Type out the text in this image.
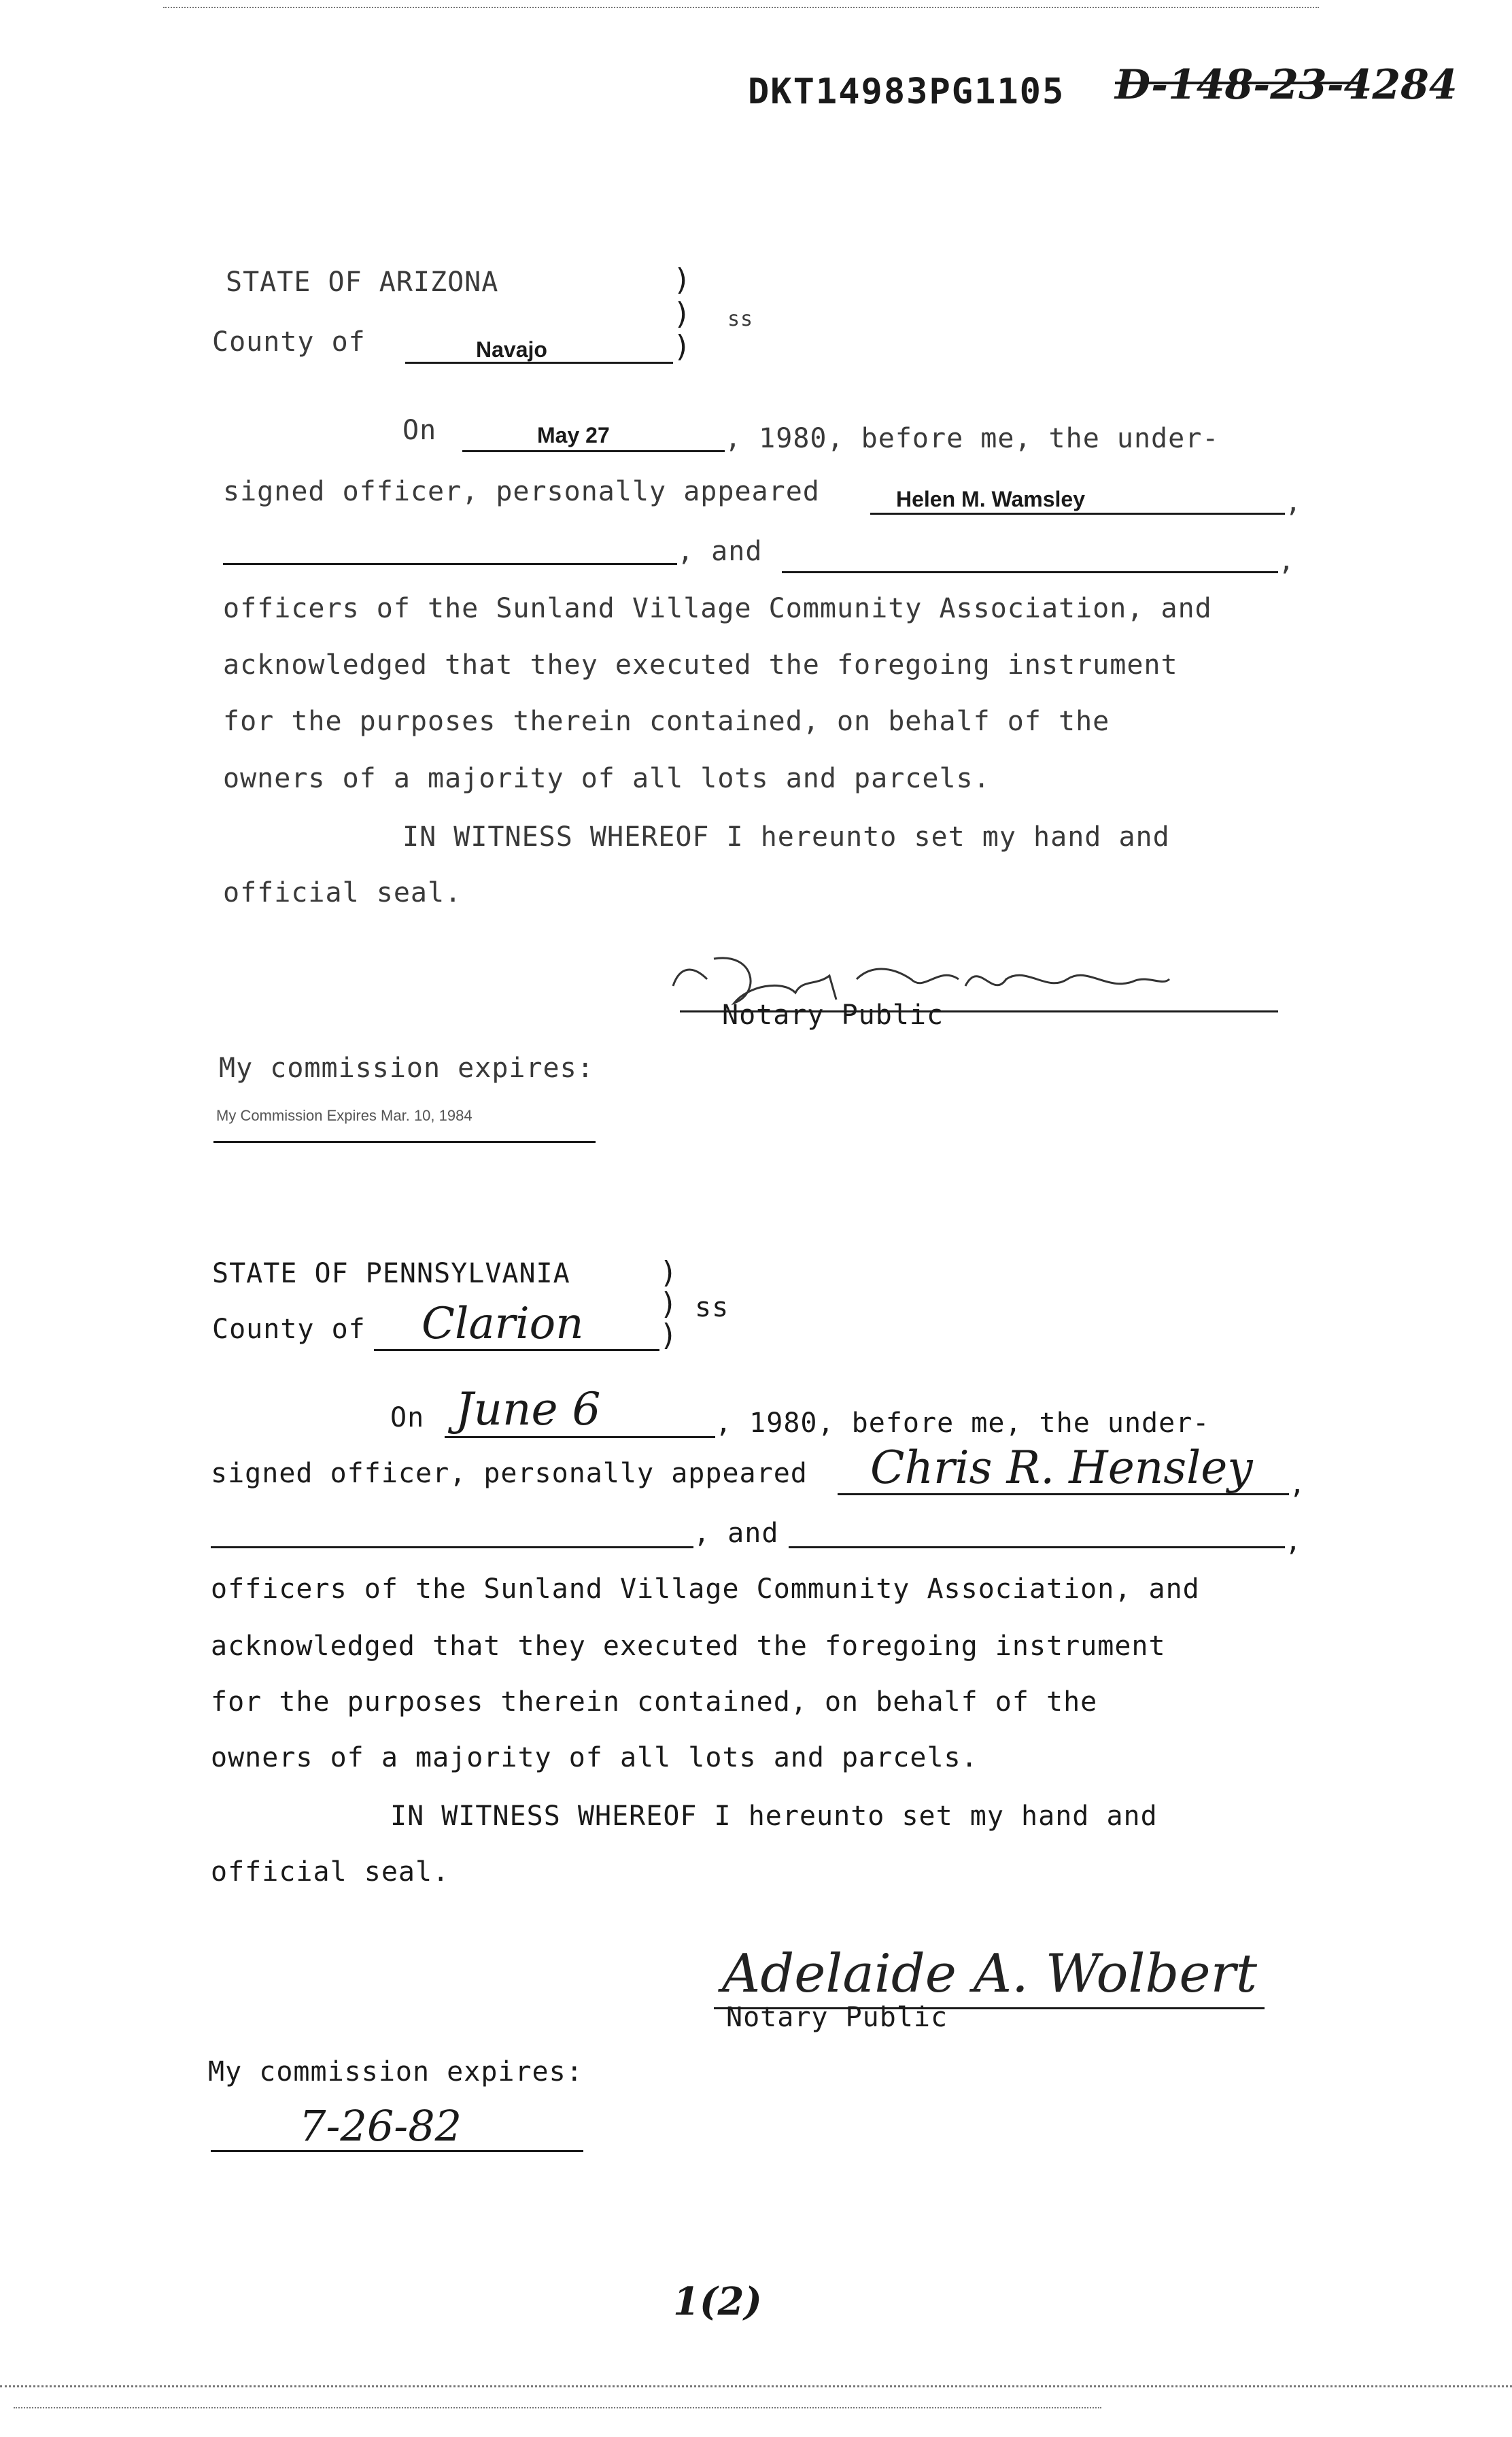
DKT14983PG1105 D-148-23-4284
STATE OF ARIZONA	)
)
)
ss
County of	Navajo
On	May 27	, 1980, before me, the under-
signed officer, personally appeared	Helen M. Wamsley	,
, and	,
officers of the Sunland Village Community Association, and
acknowledged that they executed the foregoing instrument
for the purposes therein contained, on behalf of the
owners of a majority of all lots and parcels.
IN WITNESS WHEREOF I hereunto set my hand and
official seal.
Notary Public
My commission expires:
My Commission Expires Mar. 10, 1984
STATE OF PENNSYLVANIA	)
)
)
ss
County of Clarion
On June 6	, 1980, before me, the under-
signed officer, personally appeared Chris R. Hensley ,
, and	,
officers of the Sunland Village Community Association, and
acknowledged that they executed the foregoing instrument
for the purposes therein contained, on behalf of the
owners of a majority of all lots and parcels.
IN WITNESS WHEREOF I hereunto set my hand and
official seal.
Adelaide A. Wolbert
Notary Public
My commission expires:
7-26-82
1(2)
